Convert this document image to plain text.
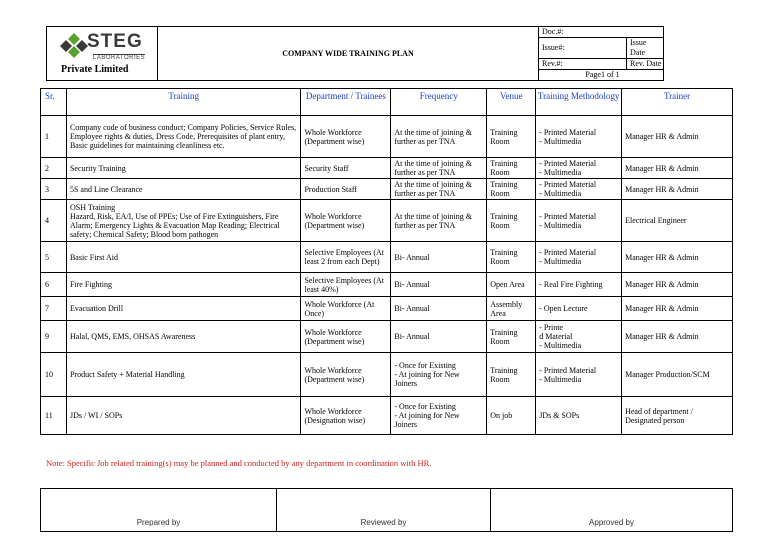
STEG
LABORATORIES
Private Limited	COMPANY WIDE TRAINING PLAN	Doc.#:	
		Issue#:	Issue Date
		Rev.#:	Rev. Date
		Page1 of 1	
Sr.	Training	Department / Trainees	Frequency	Venue	Training Methodology	Trainer
1	Company code of business conduct; Company Policies, Service Rules, Employee rights & duties, Dress Code, Prerequisites of plant entry, Basic guidelines for maintaining cleanliness etc.	Whole Workforce (Department wise)	At the time of joining & further as per TNA	Training Room	- Printed Material
- Multimedia	Manager HR & Admin
2	Security Training	Security Staff	At the time of joining & further as per TNA	Training Room	- Printed Material
- Multimedia	Manager HR & Admin
3	5S and Line Clearance	Production Staff	At the time of joining & further as per TNA	Training Room	- Printed Material
- Multimedia	Manager HR & Admin
4	OSH Training
Hazard, Risk, EA/I, Use of PPEs; Use of Fire Extinguishers, Fire Alarm; Emergency Lights & Evacuation Map Reading; Electrical safety; Chemical Safety; Blood born pathogen	Whole Workforce (Department wise)	At the time of joining & further as per TNA	Training Room	- Printed Material
- Multimedia	Electrical Engineer
5	Basic First Aid	Selective Employees (At least 2 from each Dept)	Bi- Annual	Training Room	- Printed Material
- Multimedia	Manager HR & Admin
6	Fire Fighting	Selective Employees (At least 40%)	Bi- Annual	Open Area	- Real Fire Fighting	Manager HR & Admin
7	Evacuation Drill	Whole Workforce (At Once)	Bi- Annual	Assembly Area	- Open Lecture	Manager HR & Admin
9	Halal, QMS, EMS, OHSAS Awareness	Whole Workforce (Department wise)	Bi- Annual	Training Room	- Printe
d Material
- Multimedia	Manager HR & Admin
10	Product Safety + Material Handling	Whole Workforce (Department wise)	- Once for Existing
- At joining for New Joiners	Training Room	- Printed Material
- Multimedia	Manager Production/SCM
11	JDs / WI / SOPs	Whole Workforce (Designation wise)	- Once for Existing
- At joining for New Joiners	On job	JDs & SOPs	Head of department / Designated person
Note: Specific Job related training(s) may be planned and conducted by any department in coordination with HR.
Prepared by	Reviewed by	Approved by
